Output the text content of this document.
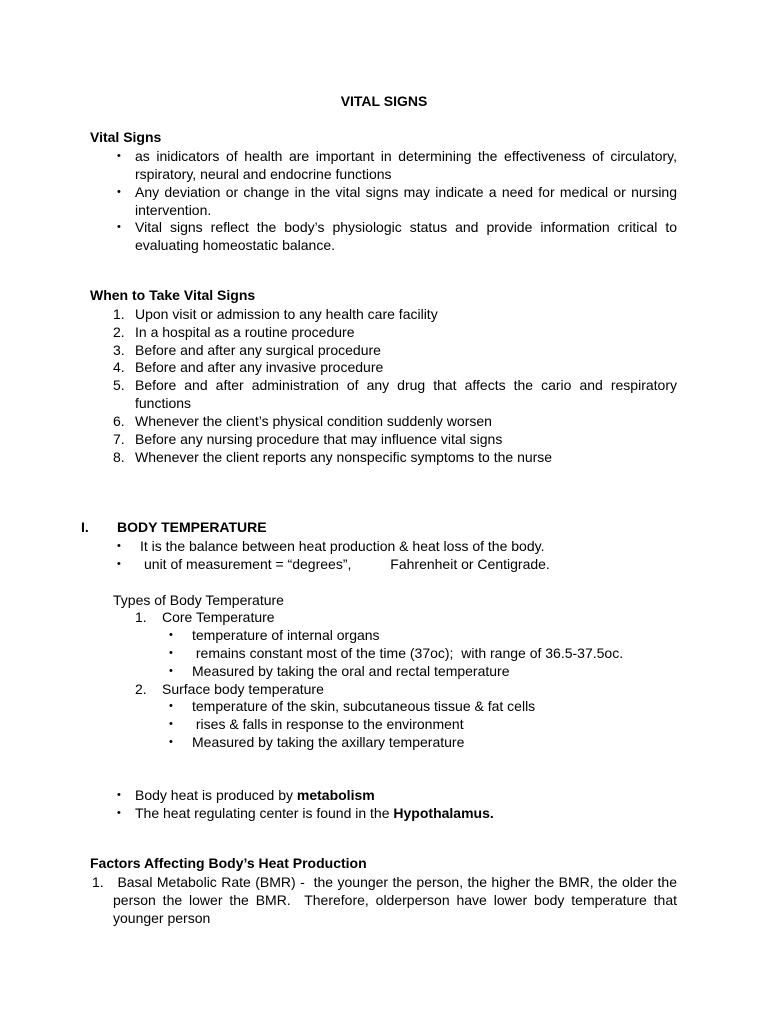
VITAL SIGNS
Vital Signs
• as inidicators of health are important in determining the effectiveness of circulatory, rspiratory, neural and endocrine functions
• Any deviation or change in the vital signs may indicate a need for medical or nursing intervention.
• Vital signs reflect the body’s physiologic status and provide information critical to evaluating homeostatic balance.
When to Take Vital Signs
1. Upon visit or admission to any health care facility
2. In a hospital as a routine procedure
3. Before and after any surgical procedure
4. Before and after any invasive procedure
5. Before and after administration of any drug that affects the cario and respiratory functions
6. Whenever the client’s physical condition suddenly worsen
7. Before any nursing procedure that may influence vital signs
8. Whenever the client reports any nonspecific symptoms to the nurse
I. BODY TEMPERATURE
• It is the balance between heat production & heat loss of the body.
• unit of measurement = “degrees”,          Fahrenheit or Centigrade.
Types of Body Temperature
1. Core Temperature
• temperature of internal organs
• remains constant most of the time (37oc);  with range of 36.5-37.5oc.
• Measured by taking the oral and rectal temperature
2. Surface body temperature
• temperature of the skin, subcutaneous tissue & fat cells
• rises & falls in response to the environment
• Measured by taking the axillary temperature
• Body heat is produced by metabolism
• The heat regulating center is found in the Hypothalamus.
Factors Affecting Body’s Heat Production
1. Basal Metabolic Rate (BMR) -  the younger the person, the higher the BMR, the older the person the lower the BMR.  Therefore, olderperson have lower body temperature that younger person
